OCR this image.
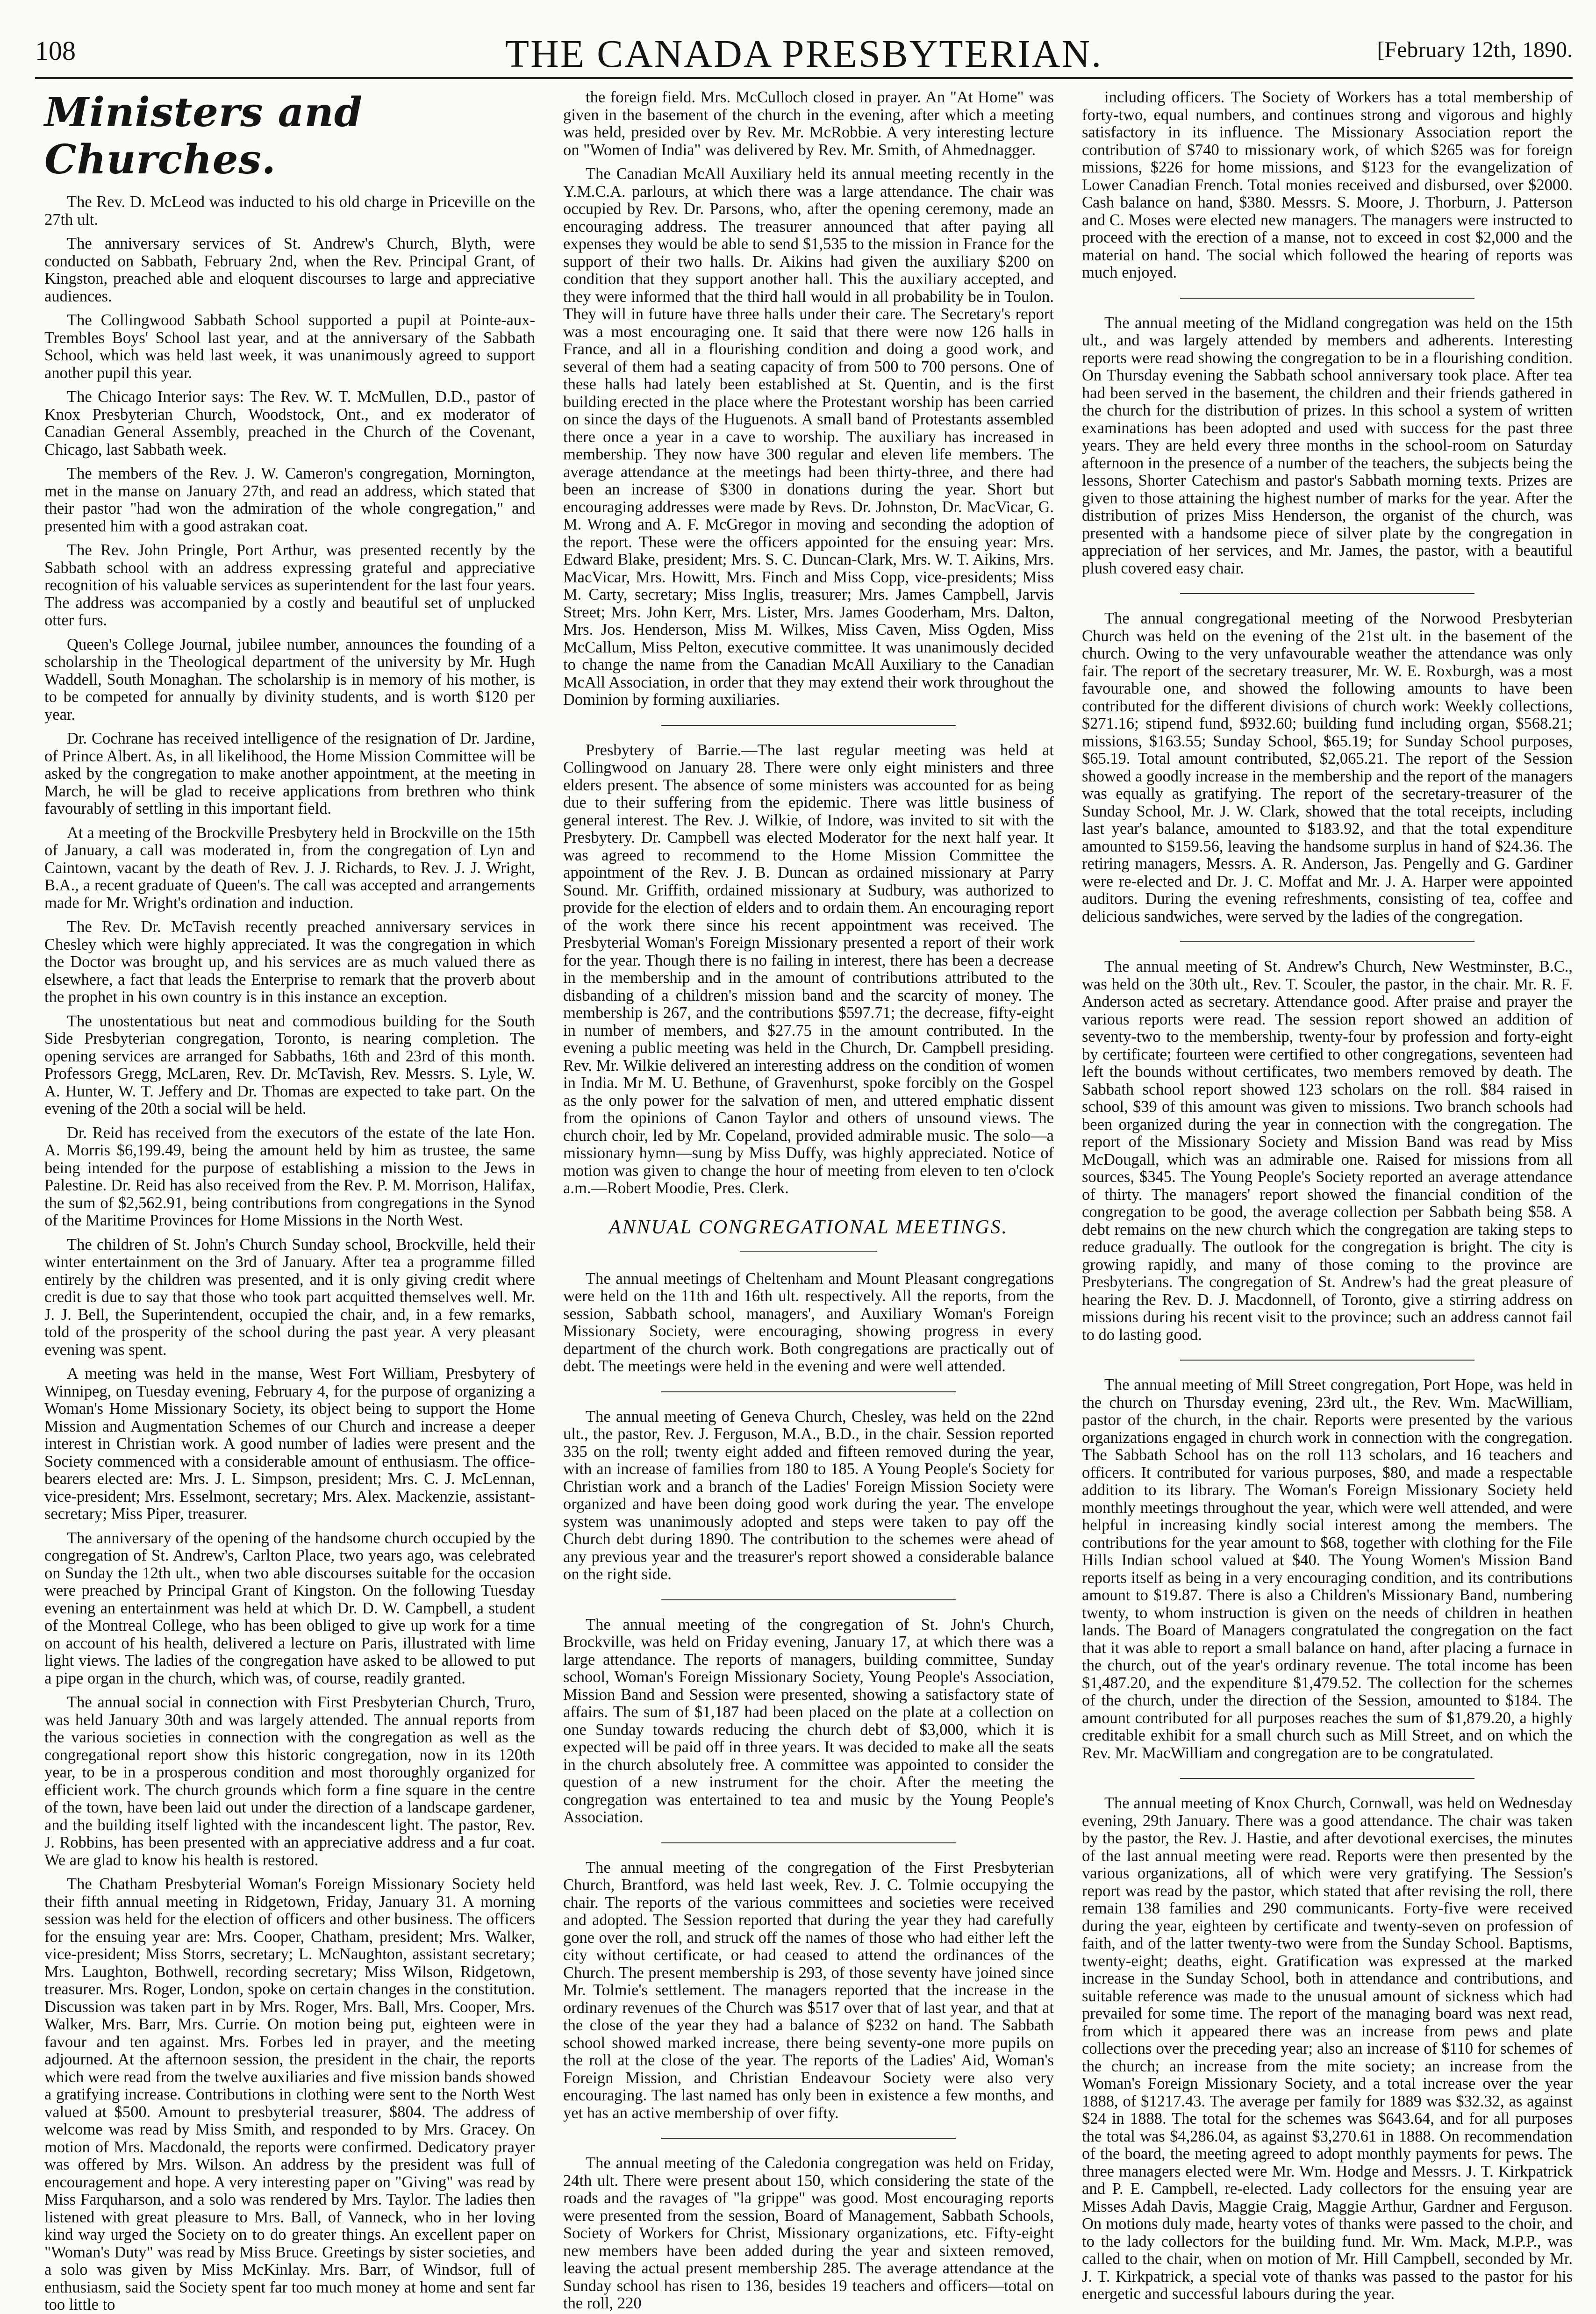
108	THE CANADA PRESBYTERIAN.	[February 12th, 1890.
Ministers and Churches.

The Rev. D. McLeod was inducted to his old charge in Priceville on the 27th ult.

The anniversary services of St. Andrew's Church, Blyth, were conducted on Sabbath, February 2nd, when the Rev. Principal Grant, of Kingston, preached able and eloquent discourses to large and appreciative audiences.

The Collingwood Sabbath School supported a pupil at Pointe-aux-Trembles Boys' School last year, and at the anniversary of the Sabbath School, which was held last week, it was unanimously agreed to support another pupil this year.

The Chicago Interior says: The Rev. W. T. McMullen, D.D., pastor of Knox Presbyterian Church, Woodstock, Ont., and ex moderator of Canadian General Assembly, preached in the Church of the Covenant, Chicago, last Sabbath week.

The members of the Rev. J. W. Cameron's congregation, Mornington, met in the manse on January 27th, and read an address, which stated that their pastor "had won the admiration of the whole congregation," and presented him with a good astrakan coat.

The Rev. John Pringle, Port Arthur, was presented recently by the Sabbath school with an address expressing grateful and appreciative recognition of his valuable services as superintendent for the last four years. The address was accompanied by a costly and beautiful set of unplucked otter furs.

Queen's College Journal, jubilee number, announces the founding of a scholarship in the Theological department of the university by Mr. Hugh Waddell, South Monaghan. The scholarship is in memory of his mother, is to be competed for annually by divinity students, and is worth $120 per year.

Dr. Cochrane has received intelligence of the resignation of Dr. Jardine, of Prince Albert. As, in all likelihood, the Home Mission Committee will be asked by the congregation to make another appointment, at the meeting in March, he will be glad to receive applications from brethren who think favourably of settling in this important field.

At a meeting of the Brockville Presbytery held in Brockville on the 15th of January, a call was moderated in, from the congregation of Lyn and Caintown, vacant by the death of Rev. J. J. Richards, to Rev. J. J. Wright, B.A., a recent graduate of Queen's. The call was accepted and arrangements made for Mr. Wright's ordination and induction.

The Rev. Dr. McTavish recently preached anniversary services in Chesley which were highly appreciated. It was the congregation in which the Doctor was brought up, and his services are as much valued there as elsewhere, a fact that leads the Enterprise to remark that the proverb about the prophet in his own country is in this instance an exception.

The unostentatious but neat and commodious building for the South Side Presbyterian congregation, Toronto, is nearing completion. The opening services are arranged for Sabbaths, 16th and 23rd of this month. Professors Gregg, McLaren, Rev. Dr. McTavish, Rev. Messrs. S. Lyle, W. A. Hunter, W. T. Jeffery and Dr. Thomas are expected to take part. On the evening of the 20th a social will be held.

Dr. Reid has received from the executors of the estate of the late Hon. A. Morris $6,199.49, being the amount held by him as trustee, the same being intended for the purpose of establishing a mission to the Jews in Palestine. Dr. Reid has also received from the Rev. P. M. Morrison, Halifax, the sum of $2,562.91, being contributions from congregations in the Synod of the Maritime Provinces for Home Missions in the North West.

The children of St. John's Church Sunday school, Brockville, held their winter entertainment on the 3rd of January. After tea a programme filled entirely by the children was presented, and it is only giving credit where credit is due to say that those who took part acquitted themselves well. Mr. J. J. Bell, the Superintendent, occupied the chair, and, in a few remarks, told of the prosperity of the school during the past year. A very pleasant evening was spent.

A meeting was held in the manse, West Fort William, Presbytery of Winnipeg, on Tuesday evening, February 4, for the purpose of organizing a Woman's Home Missionary Society, its object being to support the Home Mission and Augmentation Schemes of our Church and increase a deeper interest in Christian work. A good number of ladies were present and the Society commenced with a considerable amount of enthusiasm. The office-bearers elected are: Mrs. J. L. Simpson, president; Mrs. C. J. McLennan, vice-president; Mrs. Esselmont, secretary; Mrs. Alex. Mackenzie, assistant-secretary; Miss Piper, treasurer.

The anniversary of the opening of the handsome church occupied by the congregation of St. Andrew's, Carlton Place, two years ago, was celebrated on Sunday the 12th ult., when two able discourses suitable for the occasion were preached by Principal Grant of Kingston. On the following Tuesday evening an entertainment was held at which Dr. D. W. Campbell, a student of the Montreal College, who has been obliged to give up work for a time on account of his health, delivered a lecture on Paris, illustrated with lime light views. The ladies of the congregation have asked to be allowed to put a pipe organ in the church, which was, of course, readily granted.

The annual social in connection with First Presbyterian Church, Truro, was held January 30th and was largely attended. The annual reports from the various societies in connection with the congregation as well as the congregational report show this historic congregation, now in its 120th year, to be in a prosperous condition and most thoroughly organized for efficient work. The church grounds which form a fine square in the centre of the town, have been laid out under the direction of a landscape gardener, and the building itself lighted with the incandescent light. The pastor, Rev. J. Robbins, has been presented with an appreciative address and a fur coat. We are glad to know his health is restored.

The Chatham Presbyterial Woman's Foreign Missionary Society held their fifth annual meeting in Ridgetown, Friday, January 31. A morning session was held for the election of officers and other business. The officers for the ensuing year are: Mrs. Cooper, Chatham, president; Mrs. Walker, vice-president; Miss Storrs, secretary; L. McNaughton, assistant secretary; Mrs. Laughton, Bothwell, recording secretary; Miss Wilson, Ridgetown, treasurer. Mrs. Roger, London, spoke on certain changes in the constitution. Discussion was taken part in by Mrs. Roger, Mrs. Ball, Mrs. Cooper, Mrs. Walker, Mrs. Barr, Mrs. Currie. On motion being put, eighteen were in favour and ten against. Mrs. Forbes led in prayer, and the meeting adjourned. At the afternoon session, the president in the chair, the reports which were read from the twelve auxiliaries and five mission bands showed a gratifying increase. Contributions in clothing were sent to the North West valued at $500. Amount to presbyterial treasurer, $804. The address of welcome was read by Miss Smith, and responded to by Mrs. Gracey. On motion of Mrs. Macdonald, the reports were confirmed. Dedicatory prayer was offered by Mrs. Wilson. An address by the president was full of encouragement and hope. A very interesting paper on "Giving" was read by Miss Farquharson, and a solo was rendered by Mrs. Taylor. The ladies then listened with great pleasure to Mrs. Ball, of Vanneck, who in her loving kind way urged the Society on to do greater things. An excellent paper on "Woman's Duty" was read by Miss Bruce. Greetings by sister societies, and a solo was given by Miss McKinlay. Mrs. Barr, of Windsor, full of enthusiasm, said the Society spent far too much money at home and sent far too little to

the foreign field. Mrs. McCulloch closed in prayer. An "At Home" was given in the basement of the church in the evening, after which a meeting was held, presided over by Rev. Mr. McRobbie. A very interesting lecture on "Women of India" was delivered by Rev. Mr. Smith, of Ahmednagger.

The Canadian McAll Auxiliary held its annual meeting recently in the Y.M.C.A. parlours, at which there was a large attendance. The chair was occupied by Rev. Dr. Parsons, who, after the opening ceremony, made an encouraging address. The treasurer announced that after paying all expenses they would be able to send $1,535 to the mission in France for the support of their two halls. Dr. Aikins had given the auxiliary $200 on condition that they support another hall. This the auxiliary accepted, and they were informed that the third hall would in all probability be in Toulon. They will in future have three halls under their care. The Secretary's report was a most encouraging one. It said that there were now 126 halls in France, and all in a flourishing condition and doing a good work, and several of them had a seating capacity of from 500 to 700 persons. One of these halls had lately been established at St. Quentin, and is the first building erected in the place where the Protestant worship has been carried on since the days of the Huguenots. A small band of Protestants assembled there once a year in a cave to worship. The auxiliary has increased in membership. They now have 300 regular and eleven life members. The average attendance at the meetings had been thirty-three, and there had been an increase of $300 in donations during the year. Short but encouraging addresses were made by Revs. Dr. Johnston, Dr. MacVicar, G. M. Wrong and A. F. McGregor in moving and seconding the adoption of the report. These were the officers appointed for the ensuing year: Mrs. Edward Blake, president; Mrs. S. C. Duncan-Clark, Mrs. W. T. Aikins, Mrs. MacVicar, Mrs. Howitt, Mrs. Finch and Miss Copp, vice-presidents; Miss M. Carty, secretary; Miss Inglis, treasurer; Mrs. James Campbell, Jarvis Street; Mrs. John Kerr, Mrs. Lister, Mrs. James Gooderham, Mrs. Dalton, Mrs. Jos. Henderson, Miss M. Wilkes, Miss Caven, Miss Ogden, Miss McCallum, Miss Pelton, executive committee. It was unanimously decided to change the name from the Canadian McAll Auxiliary to the Canadian McAll Association, in order that they may extend their work throughout the Dominion by forming auxiliaries.

Presbytery of Barrie.—The last regular meeting was held at Collingwood on January 28. There were only eight ministers and three elders present. The absence of some ministers was accounted for as being due to their suffering from the epidemic. There was little business of general interest. The Rev. J. Wilkie, of Indore, was invited to sit with the Presbytery. Dr. Campbell was elected Moderator for the next half year. It was agreed to recommend to the Home Mission Committee the appointment of the Rev. J. B. Duncan as ordained missionary at Parry Sound. Mr. Griffith, ordained missionary at Sudbury, was authorized to provide for the election of elders and to ordain them. An encouraging report of the work there since his recent appointment was received. The Presbyterial Woman's Foreign Missionary presented a report of their work for the year. Though there is no failing in interest, there has been a decrease in the membership and in the amount of contributions attributed to the disbanding of a children's mission band and the scarcity of money. The membership is 267, and the contributions $597.71; the decrease, fifty-eight in number of members, and $27.75 in the amount contributed. In the evening a public meeting was held in the Church, Dr. Campbell presiding. Rev. Mr. Wilkie delivered an interesting address on the condition of women in India. Mr M. U. Bethune, of Gravenhurst, spoke forcibly on the Gospel as the only power for the salvation of men, and uttered emphatic dissent from the opinions of Canon Taylor and others of unsound views. The church choir, led by Mr. Copeland, provided admirable music. The solo—a missionary hymn—sung by Miss Duffy, was highly appreciated. Notice of motion was given to change the hour of meeting from eleven to ten o'clock a.m.—Robert Moodie, Pres. Clerk.

ANNUAL CONGREGATIONAL MEETINGS.

The annual meetings of Cheltenham and Mount Pleasant congregations were held on the 11th and 16th ult. respectively. All the reports, from the session, Sabbath school, managers', and Auxiliary Woman's Foreign Missionary Society, were encouraging, showing progress in every department of the church work. Both congregations are practically out of debt. The meetings were held in the evening and were well attended.

The annual meeting of Geneva Church, Chesley, was held on the 22nd ult., the pastor, Rev. J. Ferguson, M.A., B.D., in the chair. Session reported 335 on the roll; twenty eight added and fifteen removed during the year, with an increase of families from 180 to 185. A Young People's Society for Christian work and a branch of the Ladies' Foreign Mission Society were organized and have been doing good work during the year. The envelope system was unanimously adopted and steps were taken to pay off the Church debt during 1890. The contribution to the schemes were ahead of any previous year and the treasurer's report showed a considerable balance on the right side.

The annual meeting of the congregation of St. John's Church, Brockville, was held on Friday evening, January 17, at which there was a large attendance. The reports of managers, building committee, Sunday school, Woman's Foreign Missionary Society, Young People's Association, Mission Band and Session were presented, showing a satisfactory state of affairs. The sum of $1,187 had been placed on the plate at a collection on one Sunday towards reducing the church debt of $3,000, which it is expected will be paid off in three years. It was decided to make all the seats in the church absolutely free. A committee was appointed to consider the question of a new instrument for the choir. After the meeting the congregation was entertained to tea and music by the Young People's Association.

The annual meeting of the congregation of the First Presbyterian Church, Brantford, was held last week, Rev. J. C. Tolmie occupying the chair. The reports of the various committees and societies were received and adopted. The Session reported that during the year they had carefully gone over the roll, and struck off the names of those who had either left the city without certificate, or had ceased to attend the ordinances of the Church. The present membership is 293, of those seventy have joined since Mr. Tolmie's settlement. The managers reported that the increase in the ordinary revenues of the Church was $517 over that of last year, and that at the close of the year they had a balance of $232 on hand. The Sabbath school showed marked increase, there being seventy-one more pupils on the roll at the close of the year. The reports of the Ladies' Aid, Woman's Foreign Mission, and Christian Endeavour Society were also very encouraging. The last named has only been in existence a few months, and yet has an active membership of over fifty.

The annual meeting of the Caledonia congregation was held on Friday, 24th ult. There were present about 150, which considering the state of the roads and the ravages of "la grippe" was good. Most encouraging reports were presented from the session, Board of Management, Sabbath Schools, Society of Workers for Christ, Missionary organizations, etc. Fifty-eight new members have been added during the year and sixteen removed, leaving the actual present membership 285. The average attendance at the Sunday school has risen to 136, besides 19 teachers and officers—total on the roll, 220

including officers. The Society of Workers has a total membership of forty-two, equal numbers, and continues strong and vigorous and highly satisfactory in its influence. The Missionary Association report the contribution of $740 to missionary work, of which $265 was for foreign missions, $226 for home missions, and $123 for the evangelization of Lower Canadian French. Total monies received and disbursed, over $2000. Cash balance on hand, $380. Messrs. S. Moore, J. Thorburn, J. Patterson and C. Moses were elected new managers. The managers were instructed to proceed with the erection of a manse, not to exceed in cost $2,000 and the material on hand. The social which followed the hearing of reports was much enjoyed.

The annual meeting of the Midland congregation was held on the 15th ult., and was largely attended by members and adherents. Interesting reports were read showing the congregation to be in a flourishing condition. On Thursday evening the Sabbath school anniversary took place. After tea had been served in the basement, the children and their friends gathered in the church for the distribution of prizes. In this school a system of written examinations has been adopted and used with success for the past three years. They are held every three months in the school-room on Saturday afternoon in the presence of a number of the teachers, the subjects being the lessons, Shorter Catechism and pastor's Sabbath morning texts. Prizes are given to those attaining the highest number of marks for the year. After the distribution of prizes Miss Henderson, the organist of the church, was presented with a handsome piece of silver plate by the congregation in appreciation of her services, and Mr. James, the pastor, with a beautiful plush covered easy chair.

The annual congregational meeting of the Norwood Presbyterian Church was held on the evening of the 21st ult. in the basement of the church. Owing to the very unfavourable weather the attendance was only fair. The report of the secretary treasurer, Mr. W. E. Roxburgh, was a most favourable one, and showed the following amounts to have been contributed for the different divisions of church work: Weekly collections, $271.16; stipend fund, $932.60; building fund including organ, $568.21; missions, $163.55; Sunday School, $65.19; for Sunday School purposes, $65.19. Total amount contributed, $2,065.21. The report of the Session showed a goodly increase in the membership and the report of the managers was equally as gratifying. The report of the secretary-treasurer of the Sunday School, Mr. J. W. Clark, showed that the total receipts, including last year's balance, amounted to $183.92, and that the total expenditure amounted to $159.56, leaving the handsome surplus in hand of $24.36. The retiring managers, Messrs. A. R. Anderson, Jas. Pengelly and G. Gardiner were re-elected and Dr. J. C. Moffat and Mr. J. A. Harper were appointed auditors. During the evening refreshments, consisting of tea, coffee and delicious sandwiches, were served by the ladies of the congregation.

The annual meeting of St. Andrew's Church, New Westminster, B.C., was held on the 30th ult., Rev. T. Scouler, the pastor, in the chair. Mr. R. F. Anderson acted as secretary. Attendance good. After praise and prayer the various reports were read. The session report showed an addition of seventy-two to the membership, twenty-four by profession and forty-eight by certificate; fourteen were certified to other congregations, seventeen had left the bounds without certificates, two members removed by death. The Sabbath school report showed 123 scholars on the roll. $84 raised in school, $39 of this amount was given to missions. Two branch schools had been organized during the year in connection with the congregation. The report of the Missionary Society and Mission Band was read by Miss McDougall, which was an admirable one. Raised for missions from all sources, $345. The Young People's Society reported an average attendance of thirty. The managers' report showed the financial condition of the congregation to be good, the average collection per Sabbath being $58. A debt remains on the new church which the congregation are taking steps to reduce gradually. The outlook for the congregation is bright. The city is growing rapidly, and many of those coming to the province are Presbyterians. The congregation of St. Andrew's had the great pleasure of hearing the Rev. D. J. Macdonnell, of Toronto, give a stirring address on missions during his recent visit to the province; such an address cannot fail to do lasting good.

The annual meeting of Mill Street congregation, Port Hope, was held in the church on Thursday evening, 23rd ult., the Rev. Wm. MacWilliam, pastor of the church, in the chair. Reports were presented by the various organizations engaged in church work in connection with the congregation. The Sabbath School has on the roll 113 scholars, and 16 teachers and officers. It contributed for various purposes, $80, and made a respectable addition to its library. The Woman's Foreign Missionary Society held monthly meetings throughout the year, which were well attended, and were helpful in increasing kindly social interest among the members. The contributions for the year amount to $68, together with clothing for the File Hills Indian school valued at $40. The Young Women's Mission Band reports itself as being in a very encouraging condition, and its contributions amount to $19.87. There is also a Children's Missionary Band, numbering twenty, to whom instruction is given on the needs of children in heathen lands. The Board of Managers congratulated the congregation on the fact that it was able to report a small balance on hand, after placing a furnace in the church, out of the year's ordinary revenue. The total income has been $1,487.20, and the expenditure $1,479.52. The collection for the schemes of the church, under the direction of the Session, amounted to $184. The amount contributed for all purposes reaches the sum of $1,879.20, a highly creditable exhibit for a small church such as Mill Street, and on which the Rev. Mr. MacWilliam and congregation are to be congratulated.

The annual meeting of Knox Church, Cornwall, was held on Wednesday evening, 29th January. There was a good attendance. The chair was taken by the pastor, the Rev. J. Hastie, and after devotional exercises, the minutes of the last annual meeting were read. Reports were then presented by the various organizations, all of which were very gratifying. The Session's report was read by the pastor, which stated that after revising the roll, there remain 138 families and 290 communicants. Forty-five were received during the year, eighteen by certificate and twenty-seven on profession of faith, and of the latter twenty-two were from the Sunday School. Baptisms, twenty-eight; deaths, eight. Gratification was expressed at the marked increase in the Sunday School, both in attendance and contributions, and suitable reference was made to the unusual amount of sickness which had prevailed for some time. The report of the managing board was next read, from which it appeared there was an increase from pews and plate collections over the preceding year; also an increase of $110 for schemes of the church; an increase from the mite society; an increase from the Woman's Foreign Missionary Society, and a total increase over the year 1888, of $1217.43. The average per family for 1889 was $32.32, as against $24 in 1888. The total for the schemes was $643.64, and for all purposes the total was $4,286.04, as against $3,270.61 in 1888. On recommendation of the board, the meeting agreed to adopt monthly payments for pews. The three managers elected were Mr. Wm. Hodge and Messrs. J. T. Kirkpatrick and P. E. Campbell, re-elected. Lady collectors for the ensuing year are Misses Adah Davis, Maggie Craig, Maggie Arthur, Gardner and Ferguson. On motions duly made, hearty votes of thanks were passed to the choir, and to the lady collectors for the building fund. Mr. Wm. Mack, M.P.P., was called to the chair, when on motion of Mr. Hill Campbell, seconded by Mr. J. T. Kirkpatrick, a special vote of thanks was passed to the pastor for his energetic and successful labours during the year.
